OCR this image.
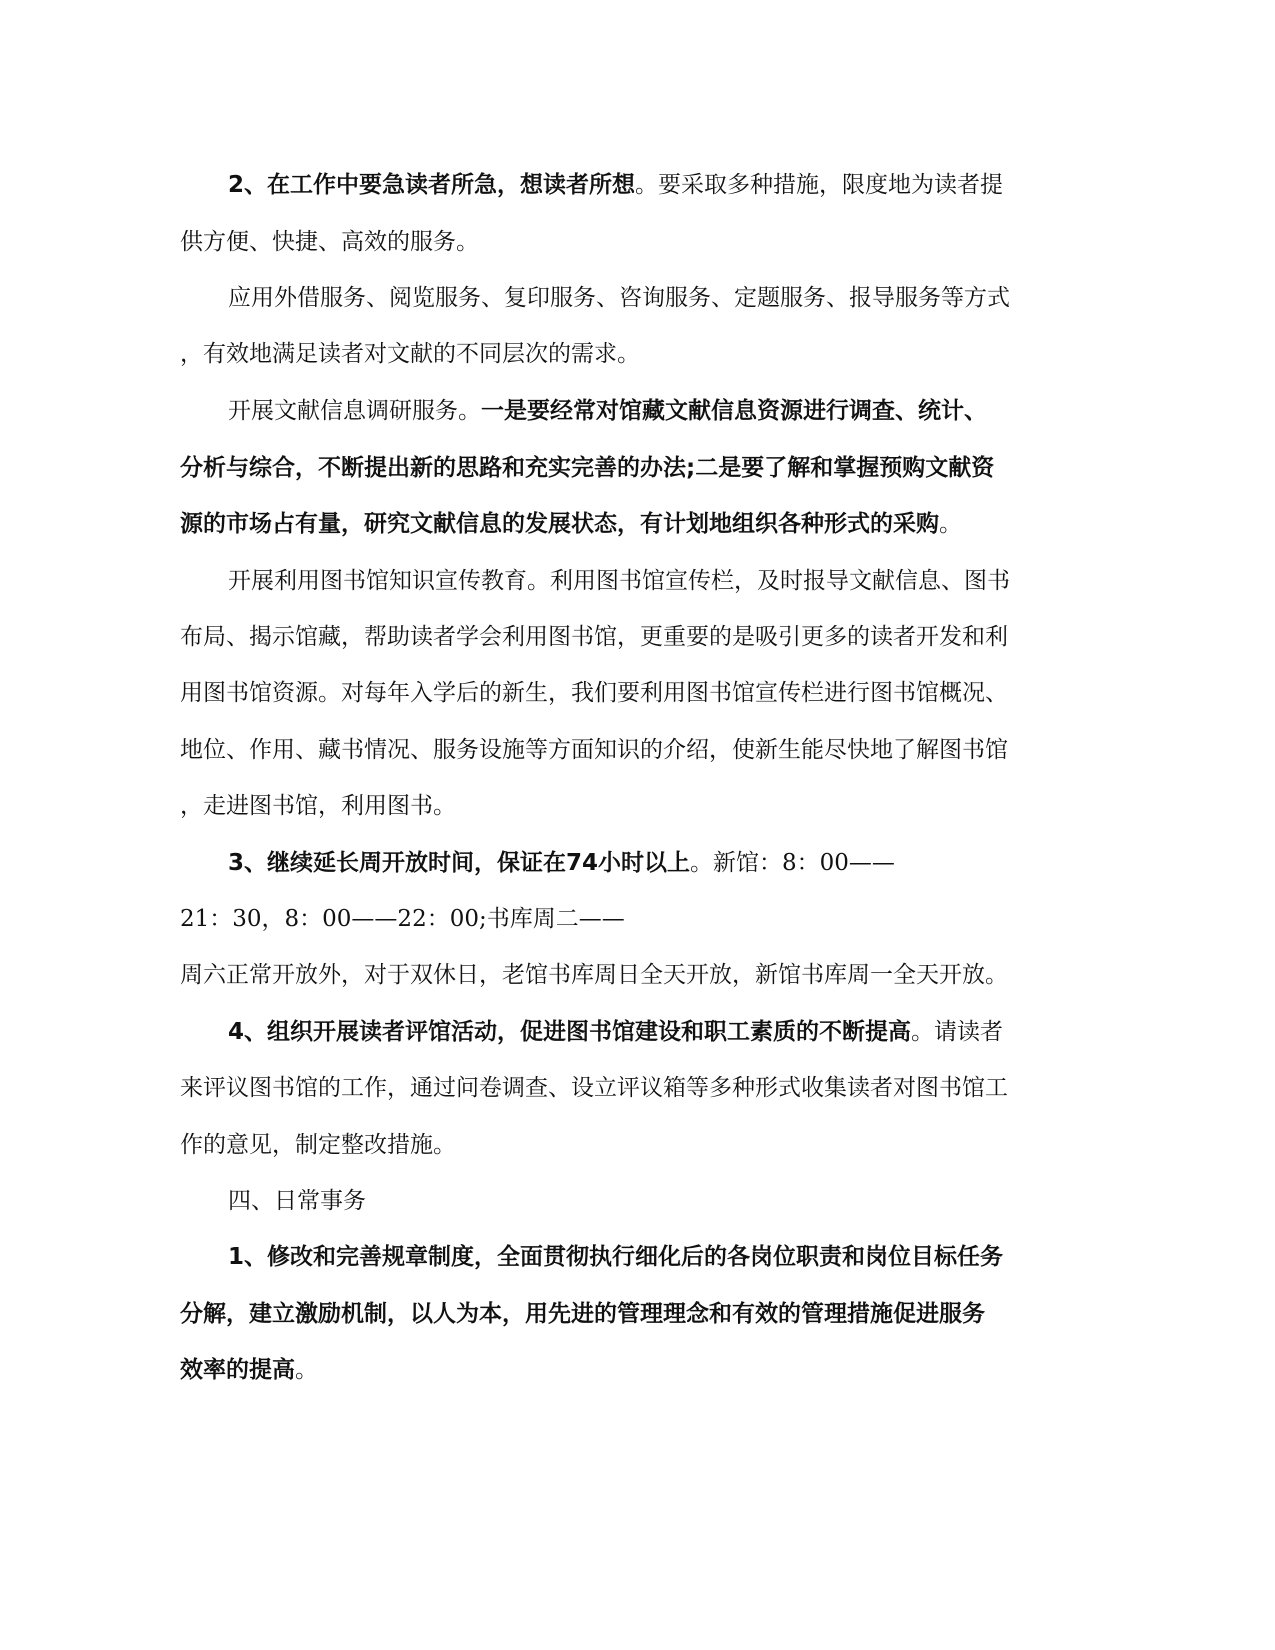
2、在工作中要急读者所急，想读者所想。要采取多种措施，限度地为读者提
供方便、快捷、高效的服务。
应用外借服务、阅览服务、复印服务、咨询服务、定题服务、报导服务等方式
，有效地满足读者对文献的不同层次的需求。
开展文献信息调研服务。一是要经常对馆藏文献信息资源进行调查、统计、
分析与综合，不断提出新的思路和充实完善的办法;二是要了解和掌握预购文献资
源的市场占有量，研究文献信息的发展状态，有计划地组织各种形式的采购。
开展利用图书馆知识宣传教育。利用图书馆宣传栏，及时报导文献信息、图书
布局、揭示馆藏，帮助读者学会利用图书馆，更重要的是吸引更多的读者开发和利
用图书馆资源。对每年入学后的新生，我们要利用图书馆宣传栏进行图书馆概况、
地位、作用、藏书情况、服务设施等方面知识的介绍，使新生能尽快地了解图书馆
，走进图书馆，利用图书。
3、继续延长周开放时间，保证在74小时以上。新馆：8：00——
21：30，8：00——22：00;书库周二——
周六正常开放外，对于双休日，老馆书库周日全天开放，新馆书库周一全天开放。
4、组织开展读者评馆活动，促进图书馆建设和职工素质的不断提高。请读者
来评议图书馆的工作，通过问卷调查、设立评议箱等多种形式收集读者对图书馆工
作的意见，制定整改措施。
四、日常事务
1、修改和完善规章制度，全面贯彻执行细化后的各岗位职责和岗位目标任务
分解，建立激励机制，以人为本，用先进的管理理念和有效的管理措施促进服务
效率的提高。
